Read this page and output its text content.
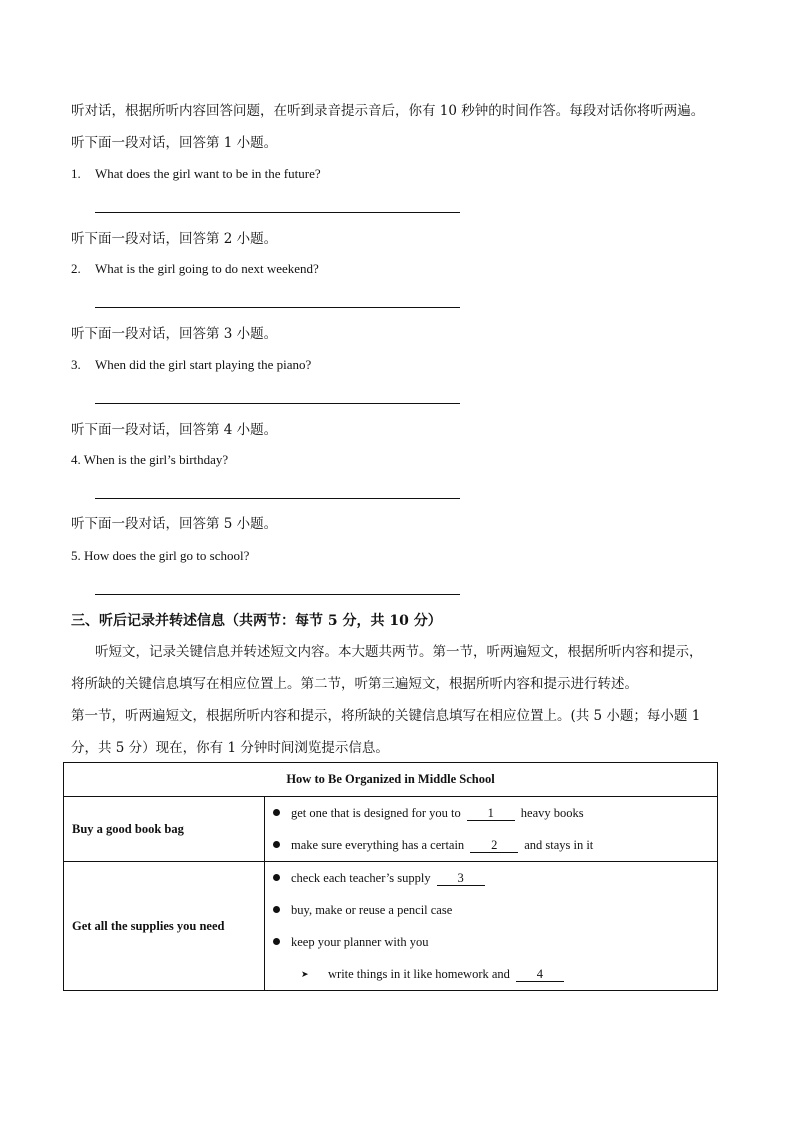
听对话，根据所听内容回答问题，在听到录音提示音后，你有 10 秒钟的时间作答。每段对话你将听两遍。
听下面一段对话，回答第 1 小题。
1. What does the girl want to be in the future?
听下面一段对话，回答第 2 小题。
2. What is the girl going to do next weekend?
听下面一段对话，回答第 3 小题。
3. When did the girl start playing the piano?
听下面一段对话，回答第 4 小题。
4. When is the girl’s birthday?
听下面一段对话，回答第 5 小题。
5. How does the girl go to school?
三、听后记录并转述信息（共两节：每节 5 分，共 10 分）
听短文，记录关键信息并转述短文内容。本大题共两节。第一节，听两遍短文，根据所听内容和提示，
将所缺的关键信息填写在相应位置上。第二节，听第三遍短文，根据所听内容和提示进行转述。
第一节，听两遍短文，根据所听内容和提示，将所缺的关键信息填写在相应位置上。(共 5 小题；每小题 1
分，共 5 分）现在，你有 1 分钟时间浏览提示信息。
How to Be Organized in Middle School	
Buy a good book bag	get one that is designed for you to 1 heavy books
make sure everything has a certain 2 and stays in it

Get all the supplies you need	check each teacher’s supply 3
buy, make or reuse a pencil case
keep your planner with you
➤ write things in it like homework and 4
